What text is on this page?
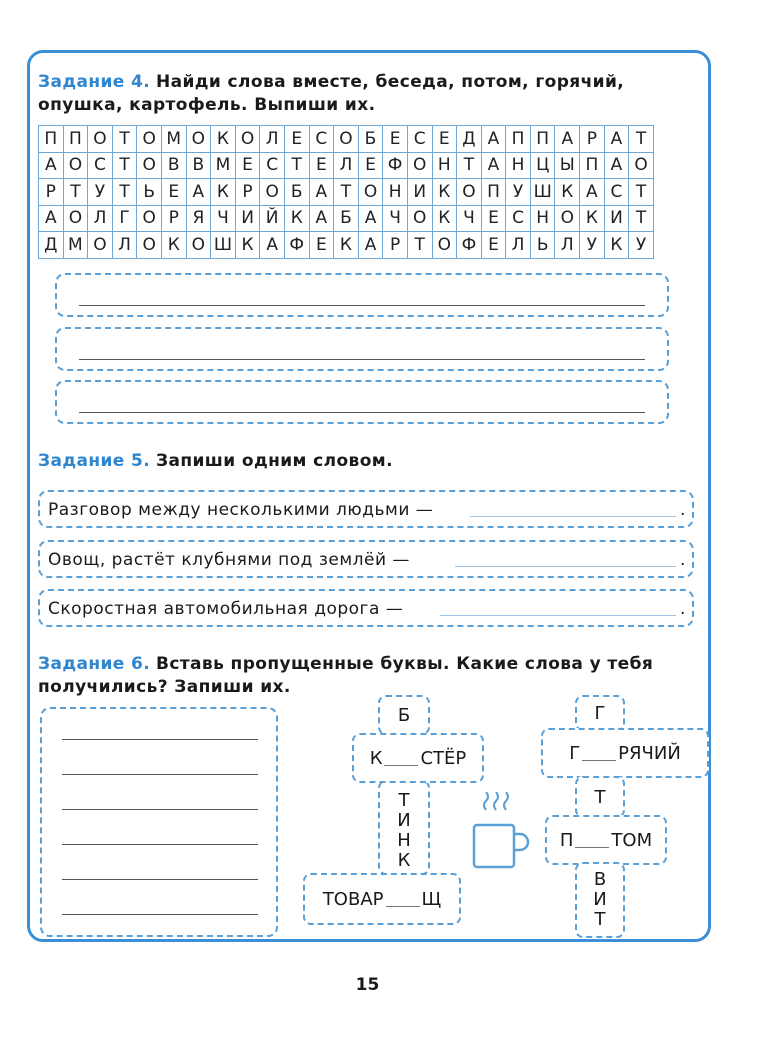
Задание 4. Найди слова вместе, беседа, потом, горячий, опушка, картофель. Выпиши их.
П	П	О	Т	О	М	О	К	О	Л	Е	С	О	Б	Е	С	Е	Д	А	П	П	А	Р	А	Т
А	О	С	Т	О	В	В	М	Е	С	Т	Е	Л	Е	Ф	О	Н	Т	А	Н	Ц	Ы	П	А	О
Р	Т	У	Т	Ь	Е	А	К	Р	О	Б	А	Т	О	Н	И	К	О	П	У	Ш	К	А	С	Т
А	О	Л	Г	О	Р	Я	Ч	И	Й	К	А	Б	А	Ч	О	К	Ч	Е	С	Н	О	К	И	Т
Д	М	О	Л	О	К	О	Ш	К	А	Ф	Е	К	А	Р	Т	О	Ф	Е	Л	Ь	Л	У	К	У
Задание 5. Запиши одним словом.
Разговор между несколькими людьми —	.
Овощ, растёт клубнями под землёй —	.
Скоростная автомобильная дорога —	.
Задание 6. Вставь пропущенные буквы. Какие слова у тебя получились? Запиши их.
Т
И
Н
К
Б
К СТЁР
ТОВАР Щ
Г
Г РЯЧИЙ
Т
П ТОМ
В
И
Т
15
